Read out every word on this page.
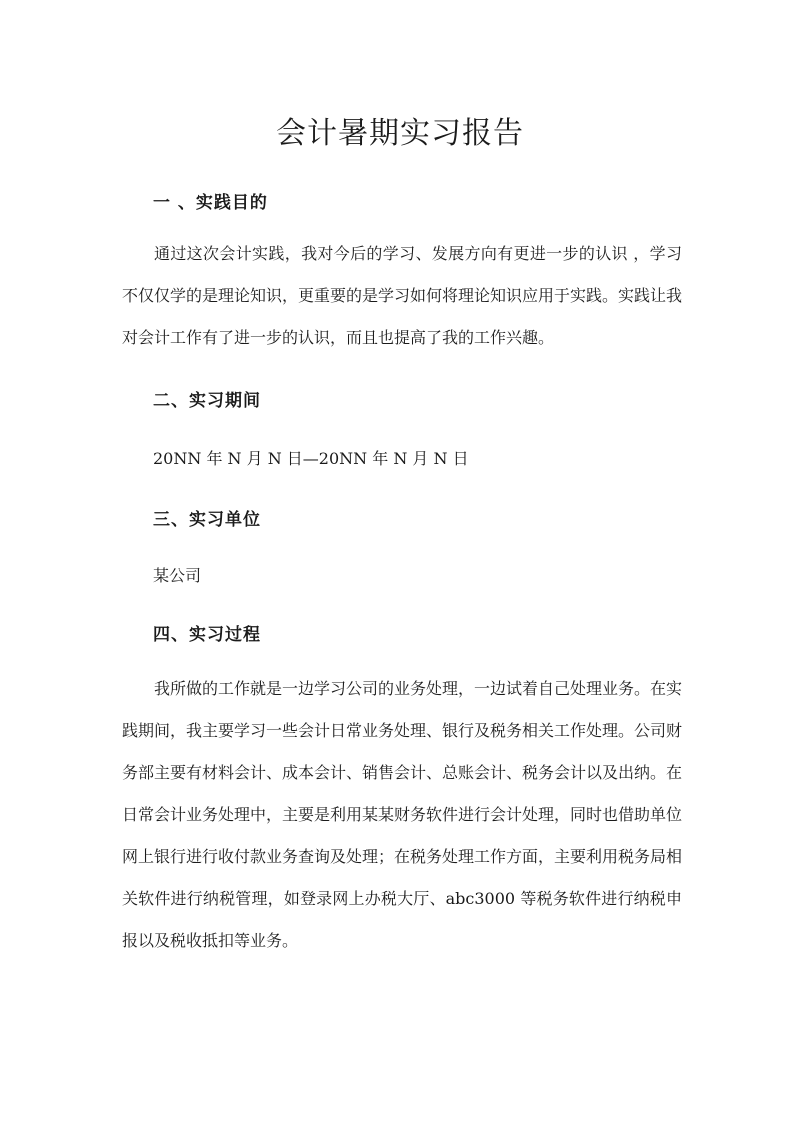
会计暑期实习报告
一 、实践目的
通过这次会计实践，我对今后的学习、发展方向有更进一步的认识 ，学习不仅仅学的是理论知识，更重要的是学习如何将理论知识应用于实践。实践让我对会计工作有了进一步的认识，而且也提高了我的工作兴趣。
二、实习期间
20NN 年 N 月 N 日—20NN 年 N 月 N 日
三、实习单位
某公司
四、实习过程
我所做的工作就是一边学习公司的业务处理，一边试着自己处理业务。在实践期间，我主要学习一些会计日常业务处理、银行及税务相关工作处理。公司财务部主要有材料会计、成本会计、销售会计、总账会计、税务会计以及出纳。在日常会计业务处理中，主要是利用某某财务软件进行会计处理，同时也借助单位网上银行进行收付款业务查询及处理；在税务处理工作方面，主要利用税务局相关软件进行纳税管理，如登录网上办税大厅、abc3000 等税务软件进行纳税申报以及税收抵扣等业务。
